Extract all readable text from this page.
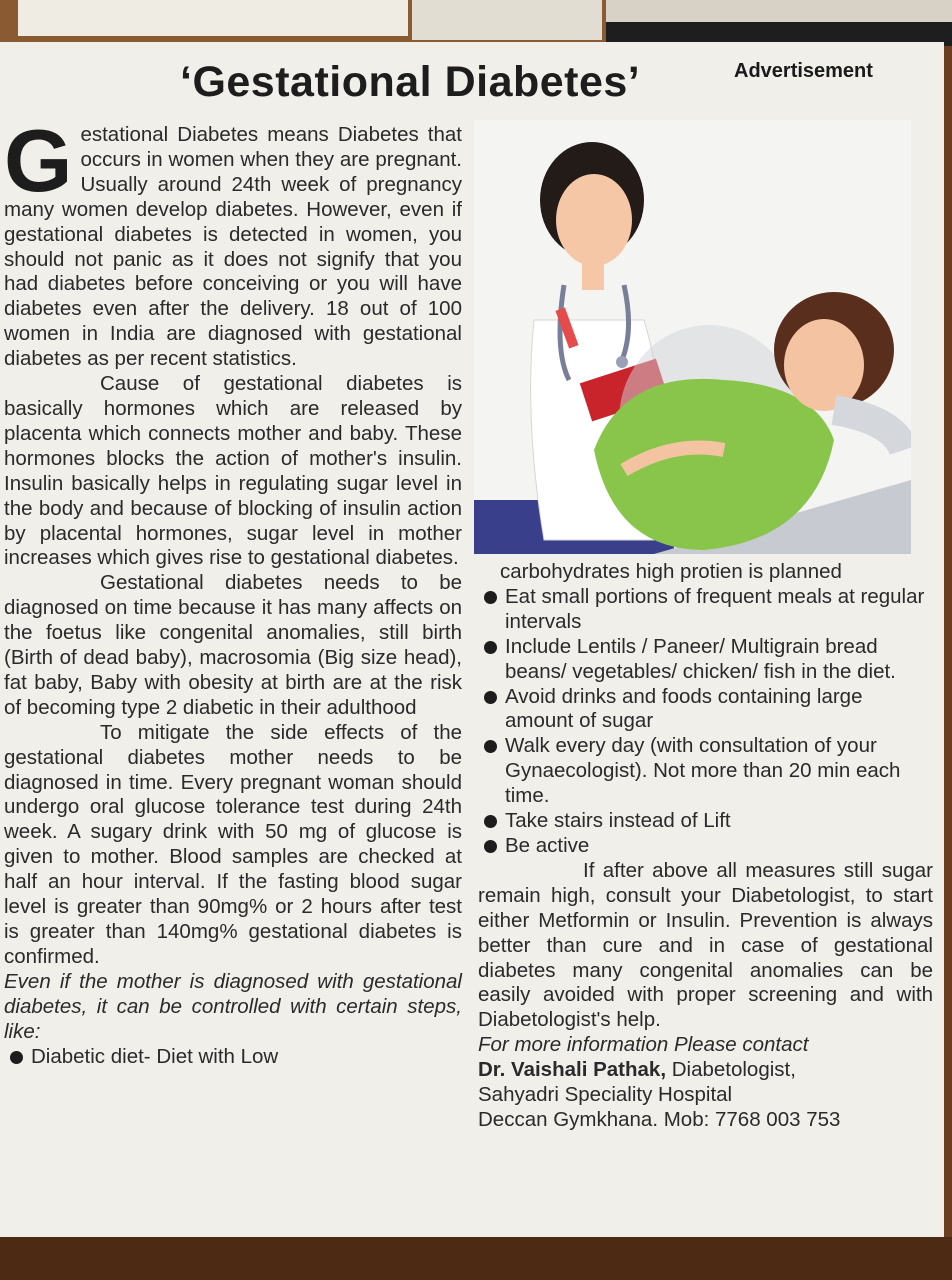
Advertisement
‘Gestational Diabetes’

Gestational Diabetes means Diabetes that occurs in women when they are pregnant. Usually around 24th week of pregnancy many women develop diabetes. However, even if gestational diabetes is detected in women, you should not panic as it does not signify that you had diabetes before conceiving or you will have diabetes even after the delivery. 18 out of 100 women in India are diagnosed with gestational diabetes as per recent statistics.

Cause of gestational diabetes is basically hormones which are released by placenta which connects mother and baby. These hormones blocks the action of mother's insulin. Insulin basically helps in regulating sugar level in the body and because of blocking of insulin action by placental hormones, sugar level in mother increases which gives rise to gestational diabetes.

Gestational diabetes needs to be diagnosed on time because it has many affects on the foetus like congenital anomalies, still birth (Birth of dead baby), macrosomia (Big size head), fat baby, Baby with obesity at birth are at the risk of becoming type 2 diabetic in their adulthood

To mitigate the side effects of the gestational diabetes mother needs to be diagnosed in time. Every pregnant woman should undergo oral glucose tolerance test during 24th week. A sugary drink with 50 mg of glucose is given to mother. Blood samples are checked at half an hour interval. If the fasting blood sugar level is greater than 90mg% or 2 hours after test is greater than 140mg% gestational diabetes is confirmed.

Even if the mother is diagnosed with gestational diabetes, it can be controlled with certain steps, like:

Diabetic diet- Diet with Low

carbohydrates high protien is planned

Eat small portions of frequent meals at regular intervals

Include Lentils / Paneer/ Multigrain bread beans/ vegetables/ chicken/ fish in the diet.

Avoid drinks and foods containing large amount of sugar

Walk every day (with consultation of your Gynaecologist). Not more than 20 min each time.

Take stairs instead of Lift

Be active

If after above all measures still sugar remain high, consult your Diabetologist, to start either Metformin or Insulin. Prevention is always better than cure and in case of gestational diabetes many congenital anomalies can be easily avoided with proper screening and with Diabetologist's help.

For more information Please contact

Dr. Vaishali Pathak, Diabetologist,

Sahyadri Speciality Hospital

Deccan Gymkhana. Mob: 7768 003 753
